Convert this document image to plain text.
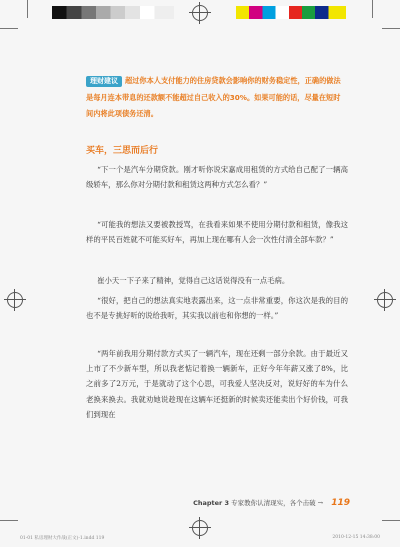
理财建议 超过你本人支付能力的住房贷款会影响你的财务稳定性，正确的做法是每月连本带息的还款额不能超过自己收入的30%。如果可能的话，尽量在短时间内将此项债务还清。
买车，三思而后行
“下一个是汽车分期贷款。刚才听你说宋嘉成用租赁的方式给自己配了一辆高级轿车，那么你对分期付款和租赁这两种方式怎么看？”
“可能我的想法又要被教授骂，在我看来如果不使用分期付款和租赁，像我这样的平民百姓就不可能买好车，再加上现在哪有人会一次性付清全部车款？”
崔小天一下子来了精神，觉得自己这话说得没有一点毛病。
“很好，把自己的想法真实地表露出来，这一点非常重要，你这次是我的目的也不是专挑好听的说给我听，其实我以前也和你想的一样。”
“两年前我用分期付款方式买了一辆汽车，现在还剩一部分余款。由于最近又上市了不少新车型，所以我老惦记着换一辆新车，正好今年年薪又涨了8%，比之前多了2万元，于是就动了这个心思，可我爱人坚决反对，说好好的车为什么老换来换去。我就劝她说趁现在这辆车还挺新的时候卖还能卖出个好价钱，可我们到现在
Chapter 3 专家教你认清现实，各个击破 → 119
01-01 私房理财大作战(正文)-1.indd 119	2010-12-15 14:38:00
